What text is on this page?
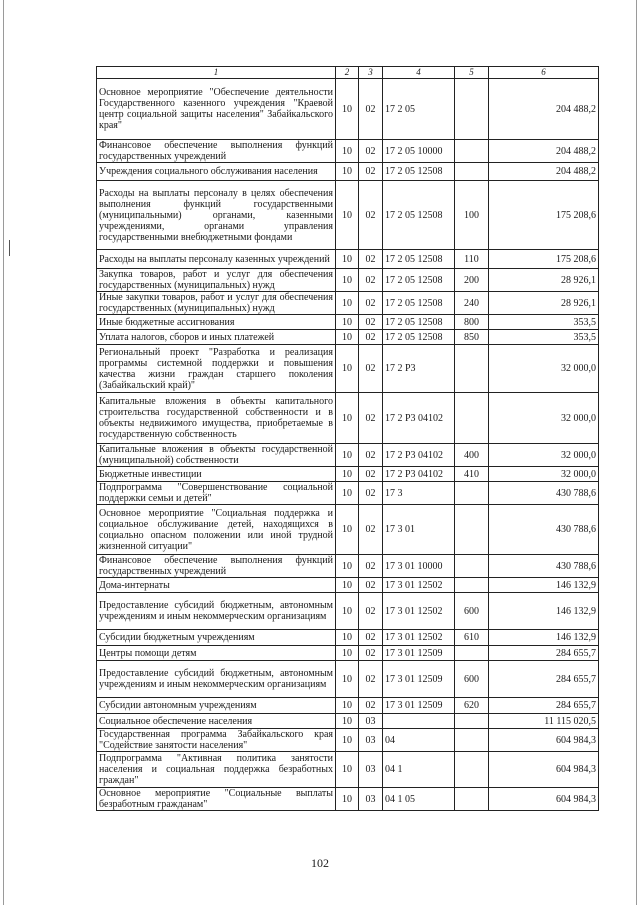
1	2	3	4	5	6
Основное мероприятие "Обеспечение деятельности Государственного казенного учреждения "Краевой центр социальной защиты населения" Забайкальского края"	10	02	17 2 05		204 488,2
Финансовое обеспечение выполнения функций государственных учреждений	10	02	17 2 05 10000		204 488,2
Учреждения социального обслуживания населения	10	02	17 2 05 12508		204 488,2
Расходы на выплаты персоналу в целях обеспечения выполнения функций государственными (муниципальными) органами, казенными учреждениями, органами управления государственными внебюджетными фондами	10	02	17 2 05 12508	100	175 208,6
Расходы на выплаты персоналу казенных учреждений	10	02	17 2 05 12508	110	175 208,6
Закупка товаров, работ и услуг для обеспечения государственных (муниципальных) нужд	10	02	17 2 05 12508	200	28 926,1
Иные закупки товаров, работ и услуг для обеспечения государственных (муниципальных) нужд	10	02	17 2 05 12508	240	28 926,1
Иные бюджетные ассигнования	10	02	17 2 05 12508	800	353,5
Уплата налогов, сборов и иных платежей	10	02	17 2 05 12508	850	353,5
Региональный проект "Разработка и реализация программы системной поддержки и повышения качества жизни граждан старшего поколения (Забайкальский край)"	10	02	17 2 Р3		32 000,0
Капитальные вложения в объекты капитального строительства государственной собственности и в объекты недвижимого имущества, приобретаемые в государственную собственность	10	02	17 2 Р3 04102		32 000,0
Капитальные вложения в объекты государственной (муниципальной) собственности	10	02	17 2 Р3 04102	400	32 000,0
Бюджетные инвестиции	10	02	17 2 Р3 04102	410	32 000,0
Подпрограмма "Совершенствование социальной поддержки семьи и детей"	10	02	17 3		430 788,6
Основное мероприятие "Социальная поддержка и социальное обслуживание детей, находящихся в социально опасном положении или иной трудной жизненной ситуации"	10	02	17 3 01		430 788,6
Финансовое обеспечение выполнения функций государственных учреждений	10	02	17 3 01 10000		430 788,6
Дома-интернаты	10	02	17 3 01 12502		146 132,9
Предоставление субсидий бюджетным, автономным учреждениям и иным некоммерческим организациям	10	02	17 3 01 12502	600	146 132,9
Субсидии бюджетным учреждениям	10	02	17 3 01 12502	610	146 132,9
Центры помощи детям	10	02	17 3 01 12509		284 655,7
Предоставление субсидий бюджетным, автономным учреждениям и иным некоммерческим организациям	10	02	17 3 01 12509	600	284 655,7
Субсидии автономным учреждениям	10	02	17 3 01 12509	620	284 655,7
Социальное обеспечение населения	10	03			11 115 020,5
Государственная программа Забайкальского края "Содействие занятости населения"	10	03	04		604 984,3
Подпрограмма "Активная политика занятости населения и социальная поддержка безработных граждан"	10	03	04 1		604 984,3
Основное мероприятие "Социальные выплаты безработным гражданам"	10	03	04 1 05		604 984,3
102
